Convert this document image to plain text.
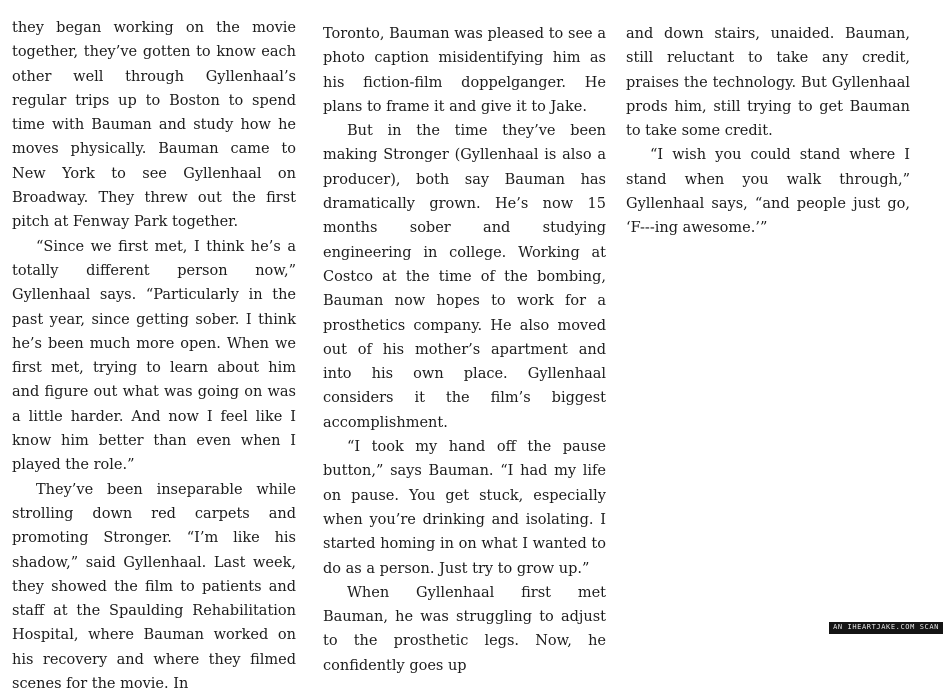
they began working on the movie together, they’ve gotten to know each other well through Gyllenhaal’s regular trips up to Boston to spend time with Bauman and study how he moves physically. Bauman came to New York to see Gyllenhaal on Broadway. They threw out the first pitch at Fenway Park together.

“Since we first met, I think he’s a totally different person now,” Gyllenhaal says. “Particularly in the past year, since getting sober. I think he’s been much more open. When we first met, trying to learn about him and figure out what was going on was a little harder. And now I feel like I know him better than even when I played the role.”

They’ve been inseparable while strolling down red carpets and promoting Stronger. “I’m like his shadow,” said Gyllenhaal. Last week, they showed the film to patients and staff at the Spaulding Rehabilitation Hospital, where Bauman worked on his recovery and where they filmed scenes for the movie. In

Toronto, Bauman was pleased to see a photo caption misidentifying him as his fiction-film doppelganger. He plans to frame it and give it to Jake.

But in the time they’ve been making Stronger (Gyllenhaal is also a producer), both say Bauman has dramatically grown. He’s now 15 months sober and studying engineering in college. Working at Costco at the time of the bombing, Bauman now hopes to work for a prosthetics company. He also moved out of his mother’s apartment and into his own place. Gyllenhaal considers it the film’s biggest accomplishment.

“I took my hand off the pause button,” says Bauman. “I had my life on pause. You get stuck, especially when you’re drinking and isolating. I started homing in on what I wanted to do as a person. Just try to grow up.”

When Gyllenhaal first met Bauman, he was struggling to adjust to the prosthetic legs. Now, he confidently goes up

and down stairs, unaided. Bauman, still reluctant to take any credit, praises the technology. But Gyllenhaal prods him, still trying to get Bauman to take some credit.

“I wish you could stand where I stand when you walk through,” Gyllenhaal says, “and people just go, ‘F---ing awesome.’”

AN IHEARTJAKE.COM SCAN
